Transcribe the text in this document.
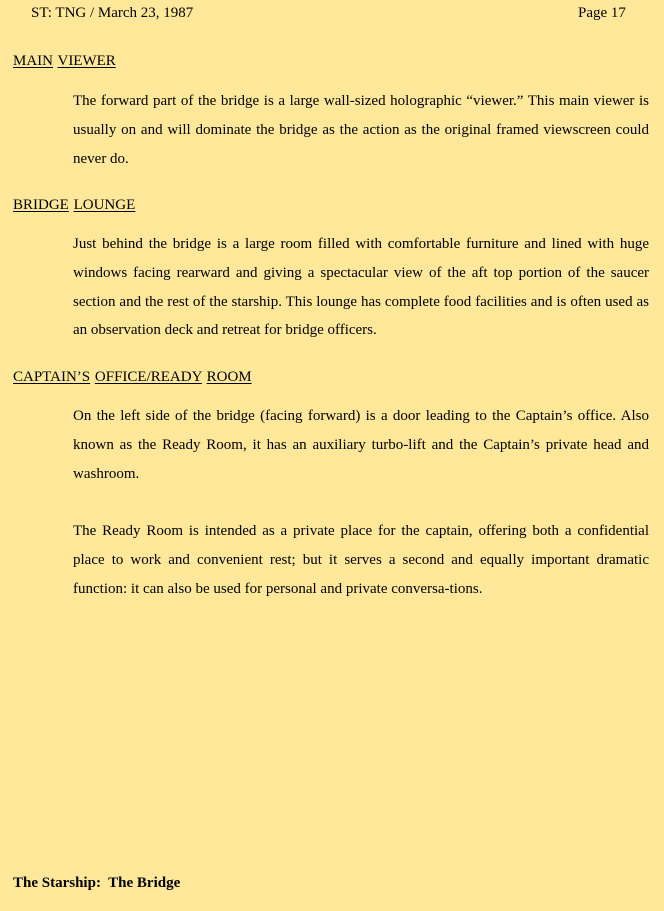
ST: TNG / March 23, 1987	Page 17
MAIN VIEWER

The forward part of the bridge is a large wall-sized holographic “viewer.” This main viewer is usually on and will dominate the bridge as the action as the original framed viewscreen could never do.

BRIDGE LOUNGE

Just behind the bridge is a large room filled with comfortable furniture and lined with huge windows facing rearward and giving a spectacular view of the aft top portion of the saucer section and the rest of the starship. This lounge has complete food facilities and is often used as an observation deck and retreat for bridge officers.

CAPTAIN’S OFFICE/READY ROOM

On the left side of the bridge (facing forward) is a door leading to the Captain’s office. Also known as the Ready Room, it has an auxiliary turbo-lift and the Captain’s private head and washroom.

The Ready Room is intended as a private place for the captain, offering both a confidential place to work and convenient rest; but it serves a second and equally important dramatic function: it can also be used for personal and private conversa-tions.

The Starship:  The Bridge
